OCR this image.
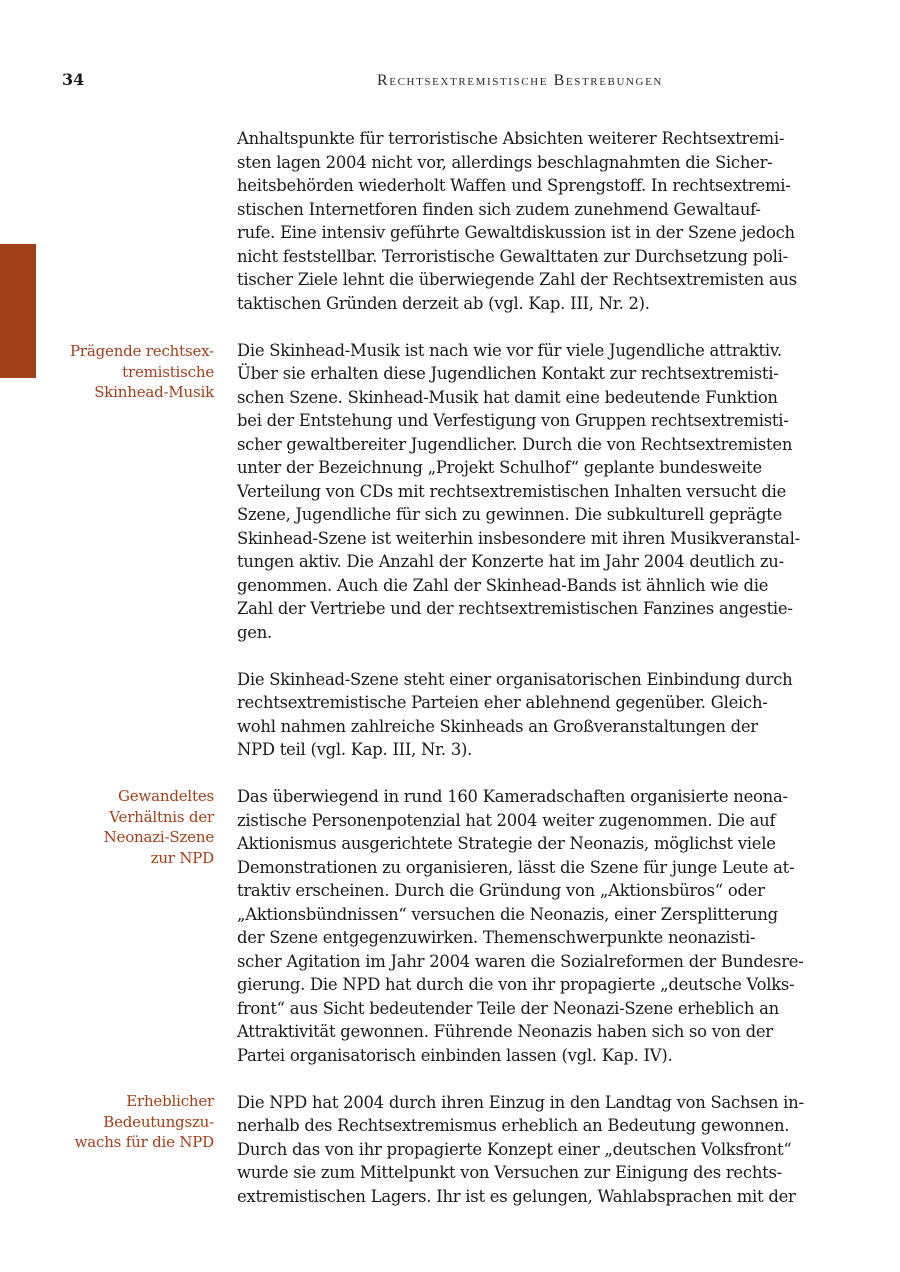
34	Rechtsextremistische Bestrebungen
Prägende rechtsex-
tremistische
Skinhead-Musik
Gewandeltes
Verhältnis der
Neonazi-Szene
zur NPD
Erheblicher
Bedeutungszu-
wachs für die NPD

Anhaltspunkte für terroristische Absichten weiterer Rechtsextremi-
sten lagen 2004 nicht vor, allerdings beschlagnahmten die Sicher-
heitsbehörden wiederholt Waffen und Sprengstoff. In rechtsextremi-
stischen Internetforen finden sich zudem zunehmend Gewaltauf-
rufe. Eine intensiv geführte Gewaltdiskussion ist in der Szene jedoch
nicht feststellbar. Terroristische Gewalttaten zur Durchsetzung poli-
tischer Ziele lehnt die überwiegende Zahl der Rechtsextremisten aus
taktischen Gründen derzeit ab (vgl. Kap. III, Nr. 2).

Die Skinhead-Musik ist nach wie vor für viele Jugendliche attraktiv.
Über sie erhalten diese Jugendlichen Kontakt zur rechtsextremisti-
schen Szene. Skinhead-Musik hat damit eine bedeutende Funktion
bei der Entstehung und Verfestigung von Gruppen rechtsextremisti-
scher gewaltbereiter Jugendlicher. Durch die von Rechtsextremisten
unter der Bezeichnung „Projekt Schulhof“ geplante bundesweite
Verteilung von CDs mit rechtsextremistischen Inhalten versucht die
Szene, Jugendliche für sich zu gewinnen. Die subkulturell geprägte
Skinhead-Szene ist weiterhin insbesondere mit ihren Musikveranstal-
tungen aktiv. Die Anzahl der Konzerte hat im Jahr 2004 deutlich zu-
genommen. Auch die Zahl der Skinhead-Bands ist ähnlich wie die
Zahl der Vertriebe und der rechtsextremistischen Fanzines angestie-
gen.

Die Skinhead-Szene steht einer organisatorischen Einbindung durch
rechtsextremistische Parteien eher ablehnend gegenüber. Gleich-
wohl nahmen zahlreiche Skinheads an Großveranstaltungen der
NPD teil (vgl. Kap. III, Nr. 3).

Das überwiegend in rund 160 Kameradschaften organisierte neona-
zistische Personenpotenzial hat 2004 weiter zugenommen. Die auf
Aktionismus ausgerichtete Strategie der Neonazis, möglichst viele
Demonstrationen zu organisieren, lässt die Szene für junge Leute at-
traktiv erscheinen. Durch die Gründung von „Aktionsbüros“ oder
„Aktionsbündnissen“ versuchen die Neonazis, einer Zersplitterung
der Szene entgegenzuwirken. Themenschwerpunkte neonazisti-
scher Agitation im Jahr 2004 waren die Sozialreformen der Bundesre-
gierung. Die NPD hat durch die von ihr propagierte „deutsche Volks-
front“ aus Sicht bedeutender Teile der Neonazi-Szene erheblich an
Attraktivität gewonnen. Führende Neonazis haben sich so von der
Partei organisatorisch einbinden lassen (vgl. Kap. IV).

Die NPD hat 2004 durch ihren Einzug in den Landtag von Sachsen in-
nerhalb des Rechtsextremismus erheblich an Bedeutung gewonnen.
Durch das von ihr propagierte Konzept einer „deutschen Volksfront“
wurde sie zum Mittelpunkt von Versuchen zur Einigung des rechts-
extremistischen Lagers. Ihr ist es gelungen, Wahlabsprachen mit der
